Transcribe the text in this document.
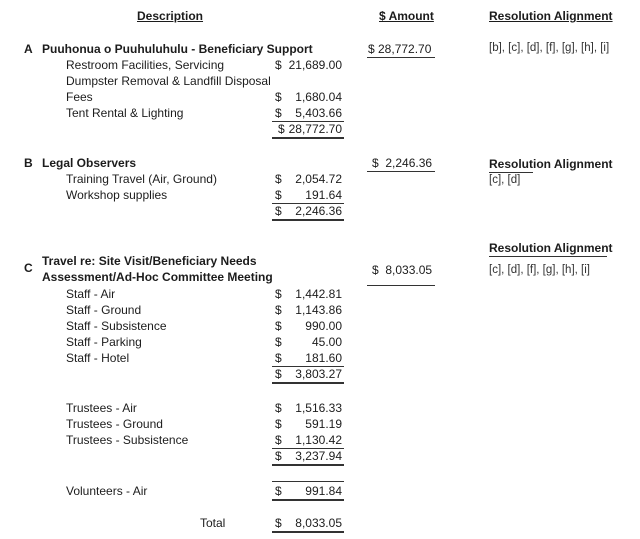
Description	$ Amount	Resolution Alignment
A Puuhonua o Puuhuluhulu - Beneficiary Support	$ 28,772.70	[b], [c], [d], [f], [g], [h], [i]
Restroom Facilities, Servicing	$ 21,689.00
Dumpster Removal & Landfill Disposal
Fees	$	1,680.04
Tent Rental & Lighting	$	5,403.66
$ 28,772.70
B Legal Observers	$  2,246.36	Resolution Alignment
[c], [d]
Training Travel (Air, Ground)	$	2,054.72
Workshop supplies	$	191.64
$	2,246.36
Resolution Alignment
C Travel re: Site Visit/Beneficiary Needs
Assessment/Ad-Hoc Committee Meeting	$  8,033.05	[c], [d], [f], [g], [h], [i]
Staff - Air	$	1,442.81
Staff - Ground	$	1,143.86
Staff - Subsistence	$	990.00
Staff - Parking	$	45.00
Staff - Hotel	$	181.60
$	3,803.27
Trustees - Air	$	1,516.33
Trustees - Ground	$	591.19
Trustees - Subsistence	$	1,130.42
$	3,237.94
Volunteers - Air	$	991.84
Total	$	8,033.05
